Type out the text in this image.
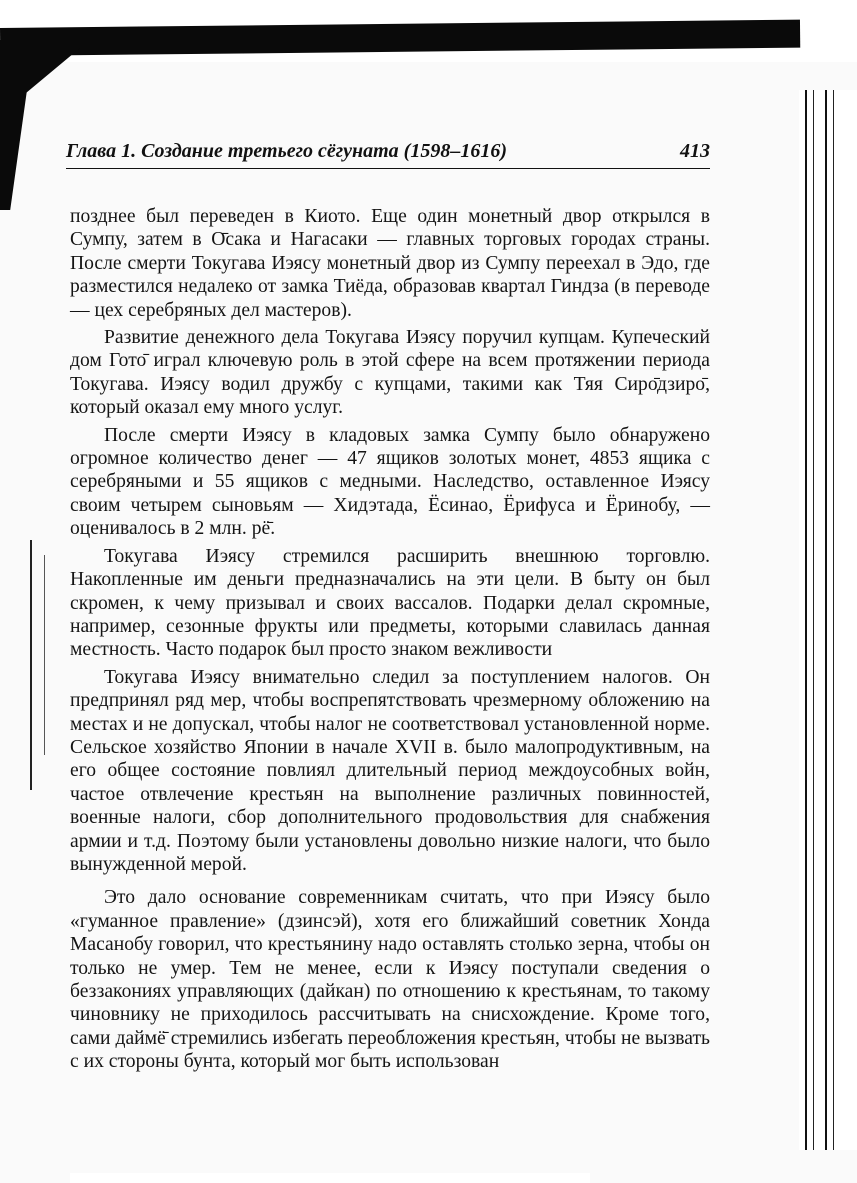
Глава 1. Создание третьего сёгуната (1598–1616)	413

позднее был переведен в Киото. Еще один монетный двор открылся в Сумпу, затем в О̄сака и Нагасаки — главных торговых городах страны. После смерти Токугава Иэясу монетный двор из Сумпу переехал в Эдо, где разместился недалеко от замка Тиёда, образовав квартал Гиндза (в переводе — цех серебряных дел мастеров).

Развитие денежного дела Токугава Иэясу поручил купцам. Купеческий дом Гото̄ играл ключевую роль в этой сфере на всем протяжении периода Токугава. Иэясу водил дружбу с купцами, такими как Тяя Сиро̄дзиро̄, который оказал ему много услуг.

После смерти Иэясу в кладовых замка Сумпу было обнаружено огромное количество денег — 47 ящиков золотых монет, 4853 ящика с серебряными и 55 ящиков с медными. Наследство, оставленное Иэясу своим четырем сыновьям — Хидэтада, Ёсинао, Ёрифуса и Ёринобу, — оценивалось в 2 млн. рё̄.

Токугава Иэясу стремился расширить внешнюю торговлю. Накопленные им деньги предназначались на эти цели. В быту он был скромен, к чему призывал и своих вассалов. Подарки делал скромные, например, сезонные фрукты или предметы, которыми славилась данная местность. Часто подарок был просто знаком вежливости

Токугава Иэясу внимательно следил за поступлением налогов. Он предпринял ряд мер, чтобы воспрепятствовать чрезмерному обложению на местах и не допускал, чтобы налог не соответствовал установленной норме. Сельское хозяйство Японии в начале XVII в. было малопродуктивным, на его общее состояние повлиял длительный период междоусобных войн, частое отвлечение крестьян на выполнение различных повинностей, военные налоги, сбор дополнительного продовольствия для снабжения армии и т.д. Поэтому были установлены довольно низкие налоги, что было вынужденной мерой.

Это дало основание современникам считать, что при Иэясу было «гуманное правление» (дзинсэй), хотя его ближайший советник Хонда Масанобу говорил, что крестьянину надо оставлять столько зерна, чтобы он только не умер. Тем не менее, если к Иэясу поступали сведения о беззакониях управляющих (дайкан) по отношению к крестьянам, то такому чиновнику не приходилось рассчитывать на снисхождение. Кроме того, сами даймё̄ стремились избегать переобложения крестьян, чтобы не вызвать с их стороны бунта, который мог быть использован
